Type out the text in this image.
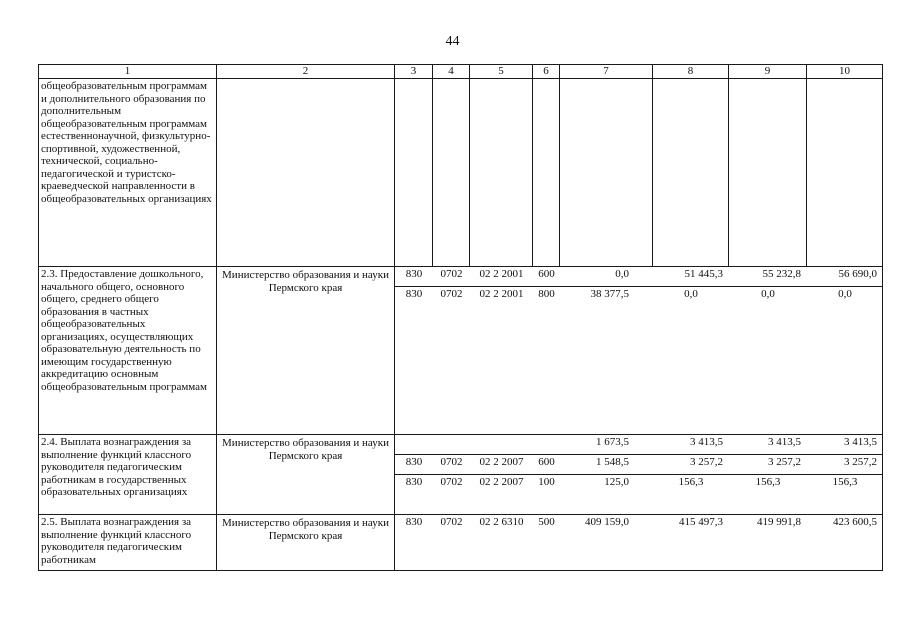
44
1	2	3	4	5	6	7	8	9	10
общеобразовательным программам и дополнительного образования по дополнительным общеобразовательным программам естественнонаучной, физкультурно-спортивной, художественной, технической, социально-педагогической и туристско-краеведческой направленности в общеобразовательных организациях									
2.3. Предоставление дошкольного, начального общего, основного общего, среднего общего образования в частных общеобразовательных организациях, осуществляющих образовательную деятельность по имеющим государственную аккредитацию основным общеобразовательным программам	Министерство образования и науки Пермского края	
830	0702	02 2 2001	600	0,0	51 445,3	55 232,8	56 690,0
830	0702	02 2 2001	800	38 377,5	0,0	0,0	0,0

2.4. Выплата вознаграждения за выполнение функций классного руководителя педагогическим работникам в государственных образовательных организациях	Министерство образования и науки Пермского края	
				1 673,5	3 413,5	3 413,5	3 413,5
830	0702	02 2 2007	600	1 548,5	3 257,2	3 257,2	3 257,2
830	0702	02 2 2007	100	125,0	156,3	156,3	156,3

2.5. Выплата вознаграждения за выполнение функций классного руководителя педагогическим работникам	Министерство образования и науки Пермского края	
830	0702	02 2 6310	500	409 159,0	415 497,3	419 991,8	423 600,5
